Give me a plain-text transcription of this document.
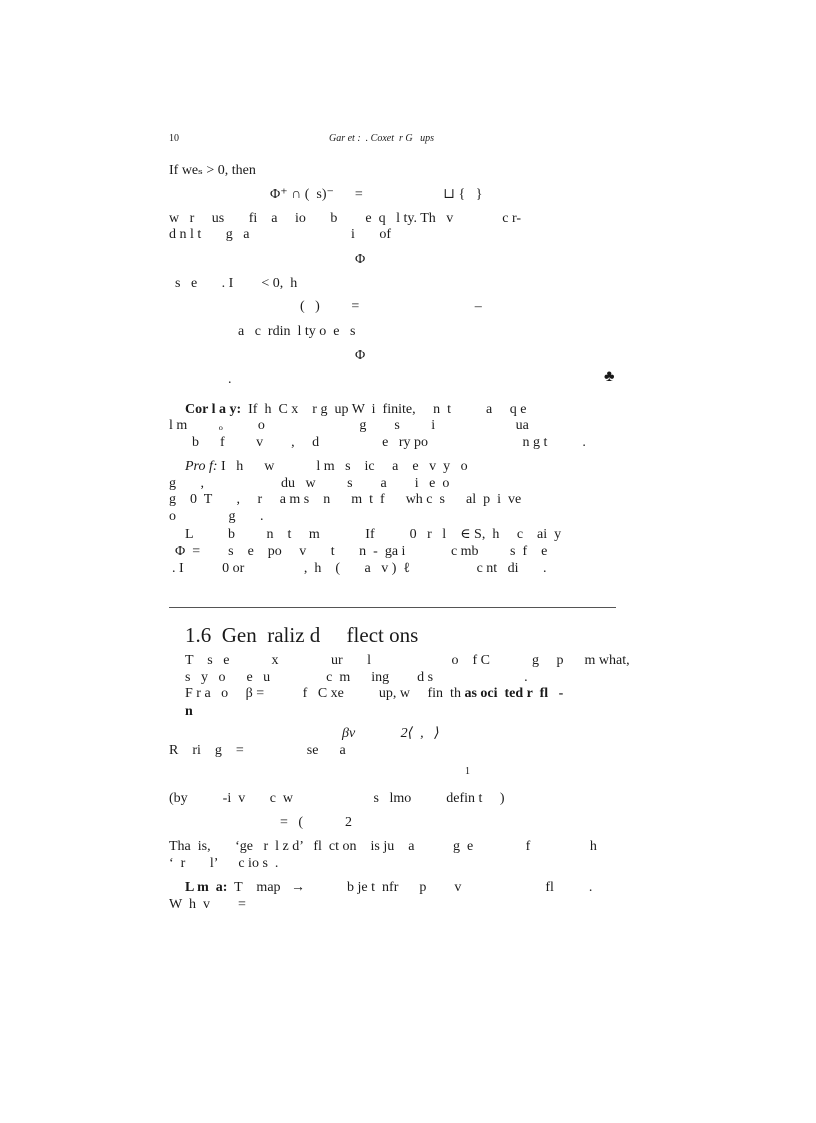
10	Gar et :  . Coxet  r G   ups
If weₛ > 0, then
Φ⁺ ∩ (  s)⁻      =                       ⊔ {   }
w   r     us       fi    a     io       b        e  q   l ty. Th   v              c r-
d n l t       g   a                             i       of
Φ
s   e       . I        < 0,  h
(   )         =                                 –
a   c  rdin  l ty o  e   s
Φ
.	♣
Cor l a y:  If  h  C x    r g  up W  i  finite,     n  t          a     q e
l m         ₒ          o                           g        s         i                       ua
b      f         v        ,     d                  e   ry po                           n g t          .
Pro f: I   h      w            l m   s    ic     a    e   v  y   o
g       ,                      du   w         s        a        i   e  o
g    0  T       ,     r     a m s    n      m  t  f      wh c  s      al  p  i  ve
o               g       .
L          b         n    t     m             If          0   r   l    ∈ S,  h     c    ai  y
Φ  =        s    e    po     v       t       n  -  ga i             c mb         s  f    e
. I           0 or                 ,  h    (       a   v )  ℓ                   c nt   di       .
1.6  Gen  raliz d     flect ons
T    s   e            x               ur       l                       o    f C            g     p      m what,
s   y   o      e   u                c  m      ing        d s                          .
F r a   o     β =           f   C xe          up, w     fin  th as oci  ted r  fl   -
n
βv             2⟨  ,   ⟩
R    ri    g    =                  se      a
1
(by          -i  v       c  w                       s   lmo          defin t     )
=   (            2
Tha  is,       ‘ge   r  l z d’   fl  ct on    is ju    a           g  e               f                 h
‘  r       l’      c io s  .
L m  a:  T    map   →            b je t  nfr      p        v                        fl          .
W  h  v        =
